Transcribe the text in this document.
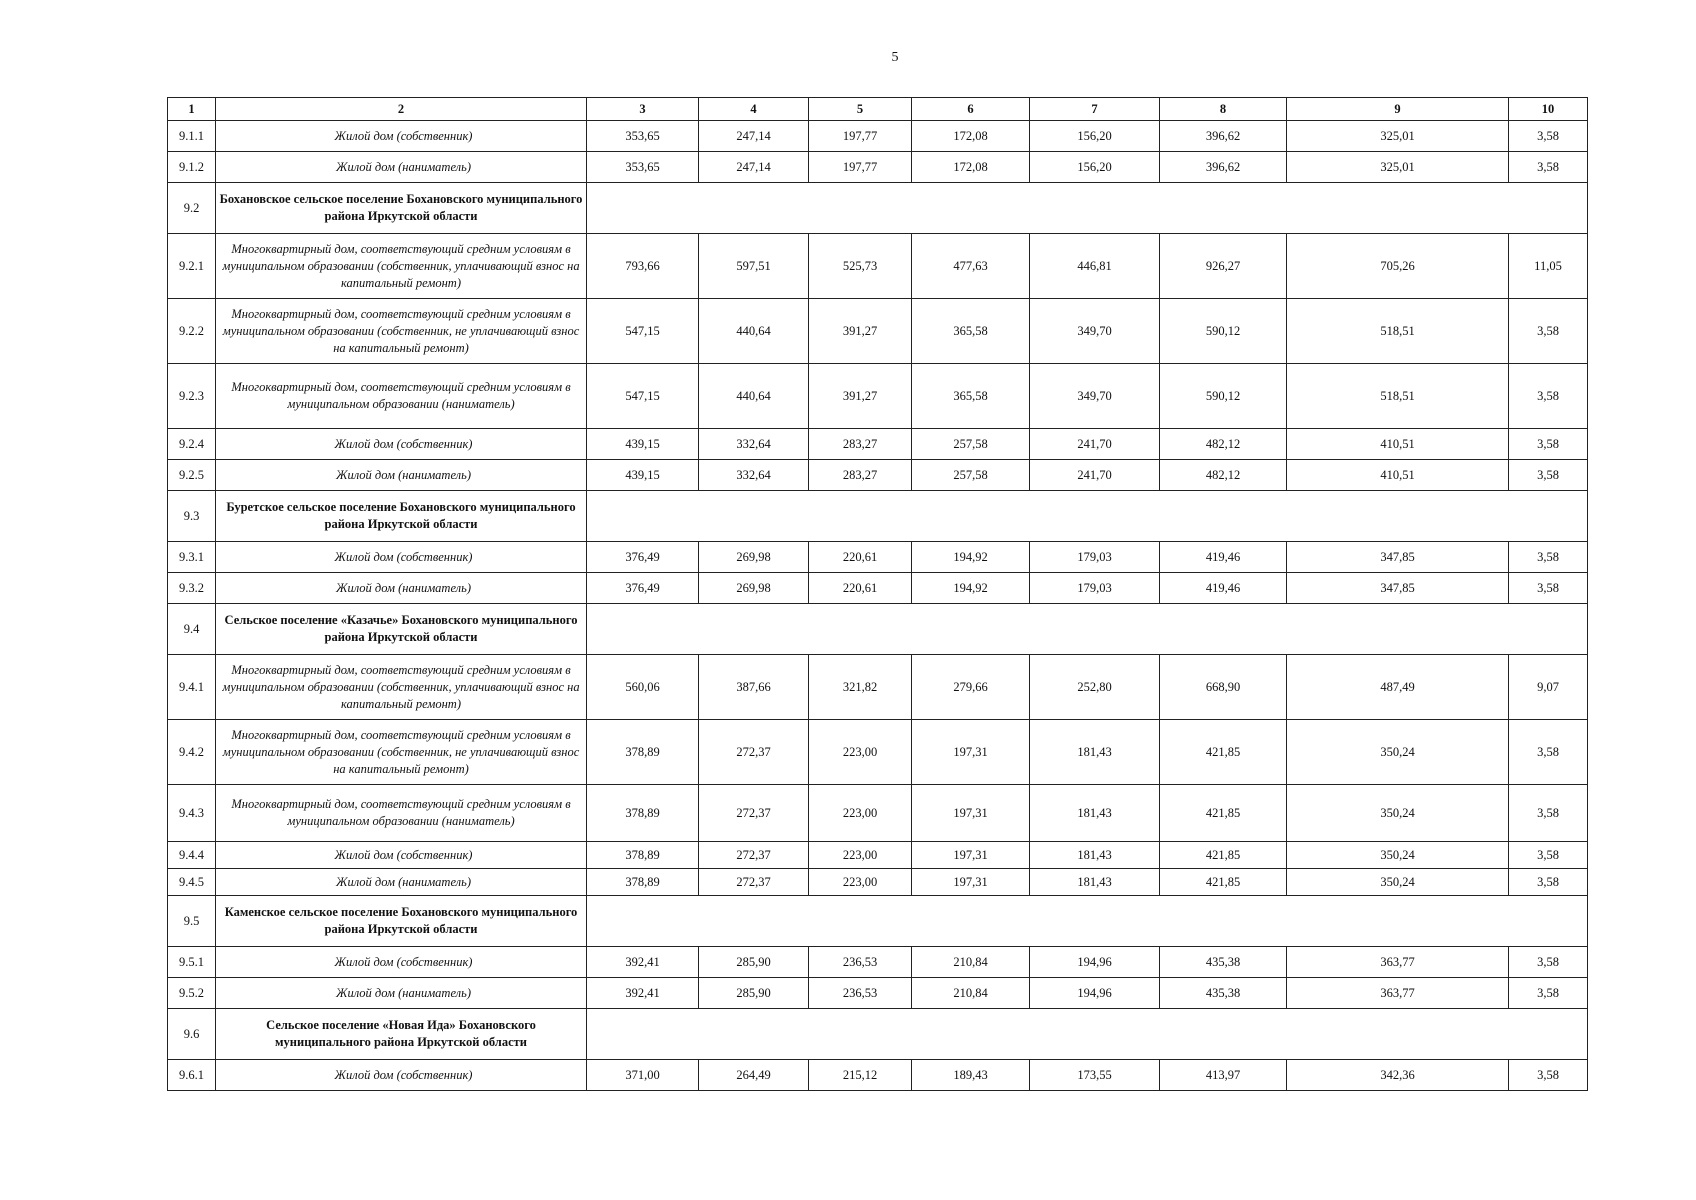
5
1	2	3	4	5	6	7	8	9	10
9.1.1	Жилой дом (собственник)	353,65	247,14	197,77	172,08	156,20	396,62	325,01	3,58
9.1.2	Жилой дом (наниматель)	353,65	247,14	197,77	172,08	156,20	396,62	325,01	3,58
9.2	Бохановское сельское поселение Бохановского муниципального района Иркутской области								
9.2.1	Многоквартирный дом, соответствующий средним условиям в муниципальном образовании (собственник, уплачивающий взнос на капитальный ремонт)	793,66	597,51	525,73	477,63	446,81	926,27	705,26	11,05
9.2.2	Многоквартирный дом, соответствующий средним условиям в муниципальном образовании (собственник, не уплачивающий взнос на капитальный ремонт)	547,15	440,64	391,27	365,58	349,70	590,12	518,51	3,58
9.2.3	Многоквартирный дом, соответствующий средним условиям в муниципальном образовании (наниматель)	547,15	440,64	391,27	365,58	349,70	590,12	518,51	3,58
9.2.4	Жилой дом (собственник)	439,15	332,64	283,27	257,58	241,70	482,12	410,51	3,58
9.2.5	Жилой дом (наниматель)	439,15	332,64	283,27	257,58	241,70	482,12	410,51	3,58
9.3	Буретское сельское поселение Бохановского муниципального района Иркутской области								
9.3.1	Жилой дом (собственник)	376,49	269,98	220,61	194,92	179,03	419,46	347,85	3,58
9.3.2	Жилой дом (наниматель)	376,49	269,98	220,61	194,92	179,03	419,46	347,85	3,58
9.4	Сельское поселение «Казачье» Бохановского муниципального района Иркутской области								
9.4.1	Многоквартирный дом, соответствующий средним условиям в муниципальном образовании (собственник, уплачивающий взнос на капитальный ремонт)	560,06	387,66	321,82	279,66	252,80	668,90	487,49	9,07
9.4.2	Многоквартирный дом, соответствующий средним условиям в муниципальном образовании (собственник, не уплачивающий взнос на капитальный ремонт)	378,89	272,37	223,00	197,31	181,43	421,85	350,24	3,58
9.4.3	Многоквартирный дом, соответствующий средним условиям в муниципальном образовании (наниматель)	378,89	272,37	223,00	197,31	181,43	421,85	350,24	3,58
9.4.4	Жилой дом (собственник)	378,89	272,37	223,00	197,31	181,43	421,85	350,24	3,58
9.4.5	Жилой дом (наниматель)	378,89	272,37	223,00	197,31	181,43	421,85	350,24	3,58
9.5	Каменское сельское поселение Бохановского муниципального района Иркутской области								
9.5.1	Жилой дом (собственник)	392,41	285,90	236,53	210,84	194,96	435,38	363,77	3,58
9.5.2	Жилой дом (наниматель)	392,41	285,90	236,53	210,84	194,96	435,38	363,77	3,58
9.6	Сельское поселение «Новая Ида» Бохановского муниципального района Иркутской области								
9.6.1	Жилой дом (собственник)	371,00	264,49	215,12	189,43	173,55	413,97	342,36	3,58
